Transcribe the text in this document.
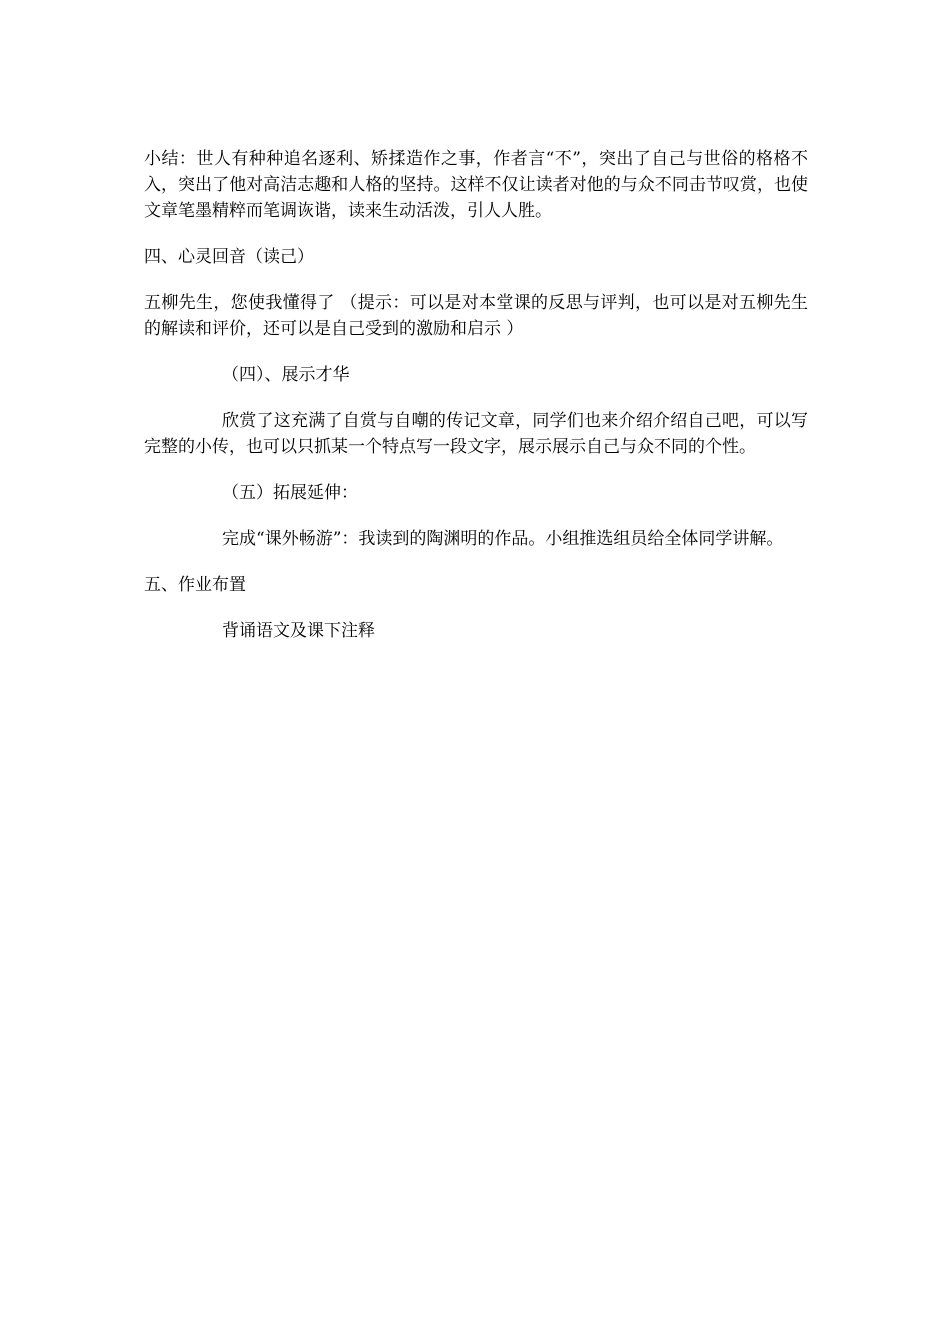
小结：世人有种种追名逐利、矫揉造作之事，作者言“不”，突出了自己与世俗的格格不入，突出了他对高洁志趣和人格的坚持。这样不仅让读者对他的与众不同击节叹赏，也使文章笔墨精粹而笔调诙谐，读来生动活泼，引人人胜。

四、心灵回音（读己）

五柳先生，您使我懂得了 （提示：可以是对本堂课的反思与评判，也可以是对五柳先生的解读和评价，还可以是自己受到的激励和启示 ）

（四）、展示才华

欣赏了这充满了自赏与自嘲的传记文章，同学们也来介绍介绍自己吧，可以写完整的小传，也可以只抓某一个特点写一段文字，展示展示自己与众不同的个性。

（五）拓展延伸：

完成“课外畅游”：我读到的陶渊明的作品。小组推选组员给全体同学讲解。

五、作业布置

背诵语文及课下注释
